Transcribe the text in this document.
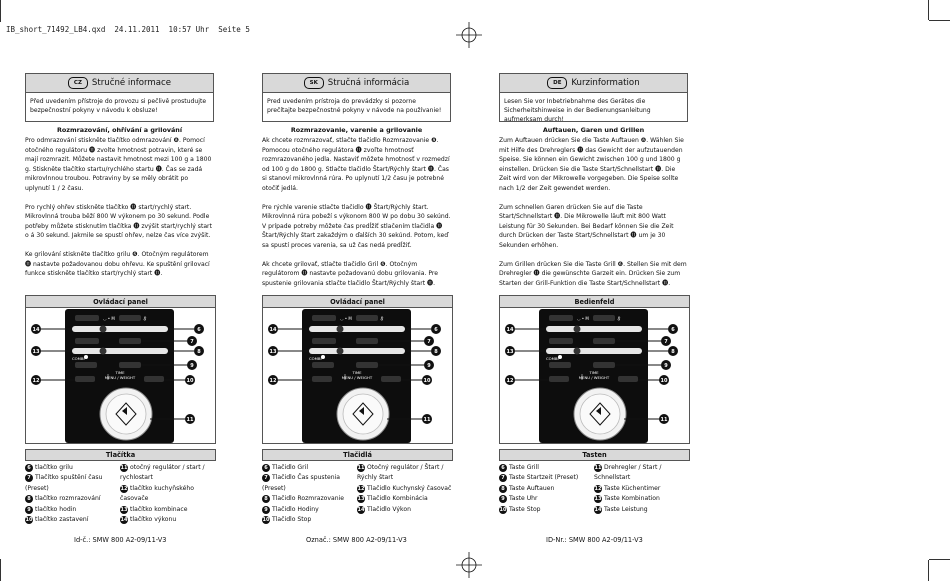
IB_short_71492_LB4.qxd  24.11.2011  10:57 Uhr  Seite 5
CZ	Stručné informace
Před uvedením přístroje do provozu si pečlivě prostudujte bezpečnostní pokyny v návodu k obsluze!
Rozmrazování, ohřívání a grilování

Pro odmrazování stiskněte tlačítko odmrazování ❽. Pomocí otočného regulátoru ⓫ zvolte hmotnost potravin, které se mají rozmrazit. Můžete nastavit hmotnost mezi 100 g a 1800 g. Stiskněte tlačítko startu/rychlého startu ⓫. Čas se zadá mikrovlnnou troubou. Potraviny by se měly obrátit po uplynutí 1 / 2 času.

Pro rychlý ohřev stiskněte tlačítko ⓫ start/rychlý start. Mikrovlnná trouba běží 800 W výkonem po 30 sekund. Podle potřeby můžete stisknutím tlačítka ⓫ zvýšit start/rychlý start o á 30 sekund. Jakmile se spustí ohřev, nelze čas více zvýšit.

Ke grilování stiskněte tlačítko grilu ❻. Otočným regulátorem ⓫ nastavte požadovanou dobu ohřevu. Ke spuštění grilovací funkce stiskněte tlačítko start/rychlý start ⓫.

Ovládací panel
◡ • M	⩉
14	6
7
13	8
9
12	10
11
COMBI
TIME
MENU / WEIGHT
Tlačítka
6 tlačítko grilu
7 Tlačítko spuštění času (Preset)
8 tlačítko rozmrazování
9 tlačítko hodin
10 tlačítko zastavení
11 otočný regulátor / start / rychlostart
12 tlačítko kuchyňského časovače
13 tlačítko kombinace
14 tlačítko výkonu
SK	Stručná informácia
Pred uvedením prístroja do prevádzky si pozorne prečítajte bezpečnostné pokyny v návode na používanie!
Rozmrazovanie, varenie a grilovanie

Ak chcete rozmrazovať, stlačte tlačidlo Rozmrazovanie ❽. Pomocou otočného regulátora ⓫ zvoľte hmotnosť rozmrazovaného jedla. Nastaviť môžete hmotnosť v rozmedzí od 100 g do 1800 g. Stlačte tlačidlo Štart/Rýchly štart ⓫. Čas si stanoví mikrovlnná rúra. Po uplynutí 1/2 času je potrebné otočiť jedlá.

Pre rýchle varenie stlačte tlačidlo ⓫ Štart/Rýchly štart. Mikrovlnná rúra pobeží s výkonom 800 W po dobu 30 sekúnd. V prípade potreby môžete čas predĺžiť stlačením tlačidla ⓫ Štart/Rýchly štart zakaždým o ďalších 30 sekúnd. Potom, keď sa spustí proces varenia, sa už čas nedá predĺžiť.

Ak chcete grilovať, stlačte tlačidlo Gril ❻. Otočným regulátorom ⓫ nastavte požadovanú dobu grilovania. Pre spustenie grilovania stlačte tlačidlo Štart/Rýchly štart ⓫.

Ovládací panel
◡ • M	⩉
14	6
7
13	8
9
12	10
11
COMBI
TIME
MENU / WEIGHT
Tlačidlá
6 Tlačidlo Gril
7 Tlačidlo Čas spustenia (Preset)
8 Tlačidlo Rozmrazovanie
9 Tlačidlo Hodiny
10 Tlačidlo Stop
11 Otočný regulátor / Štart / Rýchly štart
12 Tlačidlo Kuchynský časovač
13 Tlačidlo Kombinácia
14 Tlačidlo Výkon
DE	Kurzinformation
Lesen Sie vor Inbetriebnahme des Gerätes die Sicherheitshinweise in der Bedienungsanleitung aufmerksam durch!
Auftauen, Garen und Grillen

Zum Auftauen drücken Sie die Taste Auftauen ❽. Wählen Sie mit Hilfe des Drehreglers ⓫ das Gewicht der aufzutauenden Speise. Sie können ein Gewicht zwischen 100 g und 1800 g einstellen. Drücken Sie die Taste Start/Schnellstart ⓫. Die Zeit wird von der Mikrowelle vorgegeben. Die Speise sollte nach 1/2 der Zeit gewendet werden.

Zum schnellen Garen drücken Sie auf die Taste Start/Schnellstart ⓫. Die Mikrowelle läuft mit 800 Watt Leistung für 30 Sekunden. Bei Bedarf können Sie die Zeit durch Drücken der Taste Start/Schnellstart ⓫ um je 30 Sekunden erhöhen.

Zum Grillen drücken Sie die Taste Grill ❻. Stellen Sie mit dem Drehregler ⓫ die gewünschte Garzeit ein. Drücken Sie zum Starten der Grill-Funktion die Taste Start/Schnellstart ⓫.

Bedienfeld
◡ • M	⩉
14	6
7
13	8
9
12	10
11
COMBI
TIME
MENU / WEIGHT
Tasten
6 Taste Grill
7 Taste Startzeit (Preset)
8 Taste Auftauen
9 Taste Uhr
10 Taste Stop
11 Drehregler / Start / Schnellstart
12 Taste Küchentimer
13 Taste Kombination
14 Taste Leistung
Id-č.: SMW 800 A2-09/11-V3	Označ.: SMW 800 A2-09/11-V3	ID-Nr.: SMW 800 A2-09/11-V3
